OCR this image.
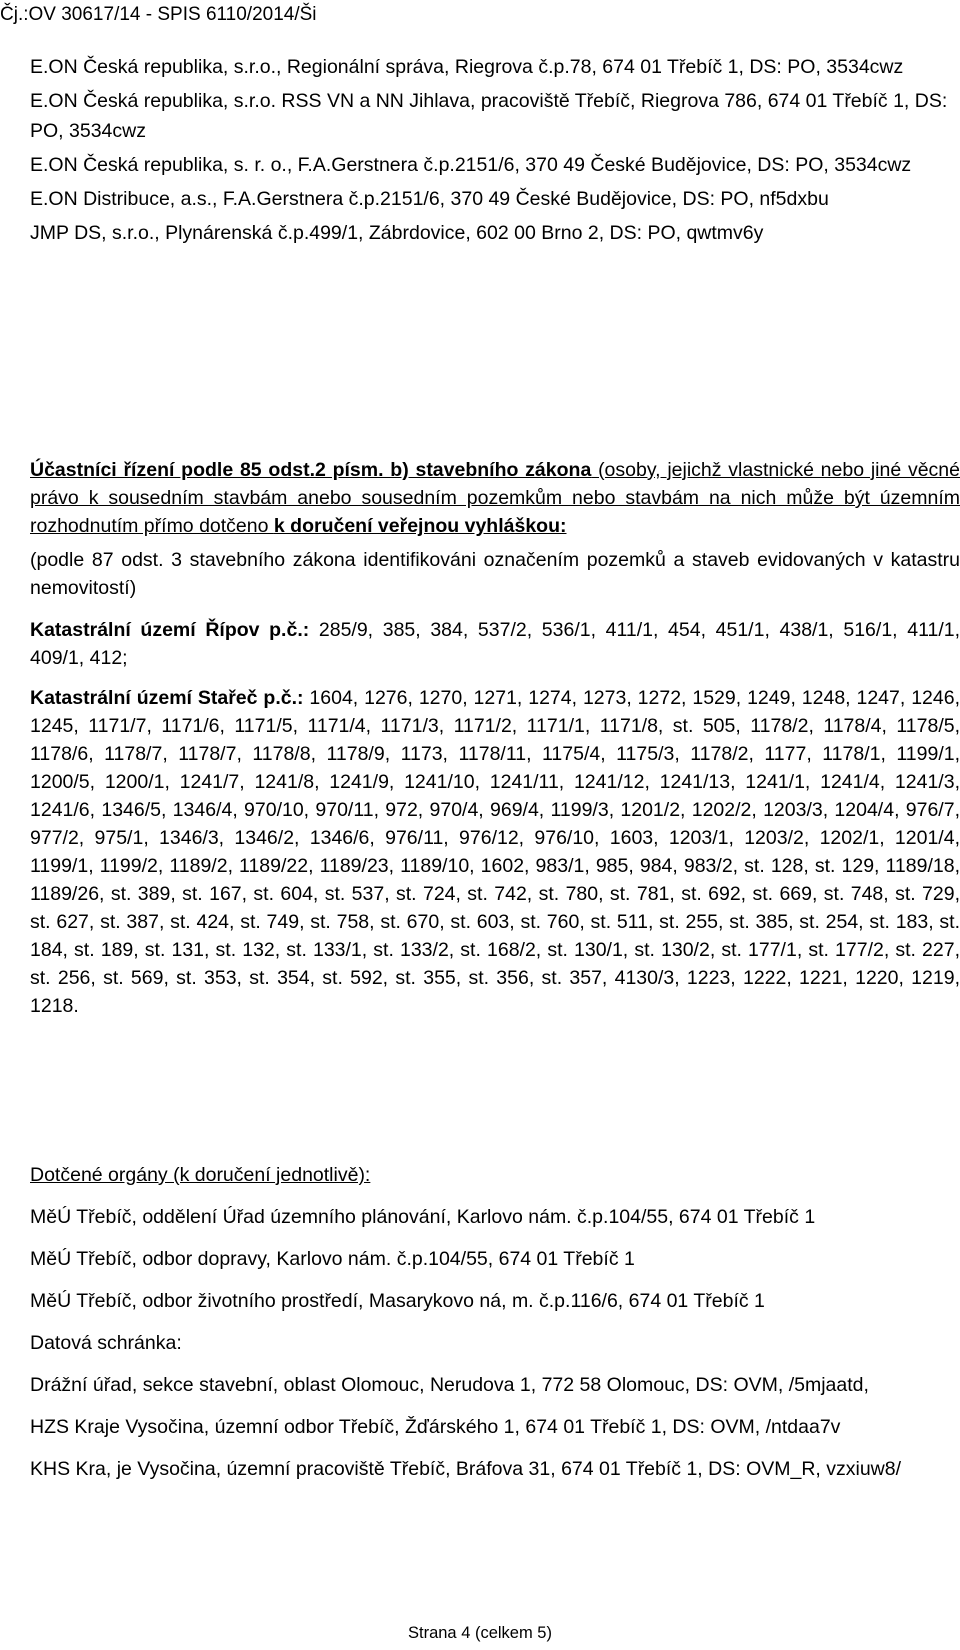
Čj.:OV 30617/14 - SPIS 6110/2014/Ši

E.ON Česká republika, s.r.o., Regionální správa, Riegrova č.p.78, 674 01 Třebíč 1, DS: PO, 3534cwz

E.ON Česká republika, s.r.o. RSS VN a NN Jihlava, pracoviště Třebíč, Riegrova 786, 674 01 Třebíč 1, DS: PO, 3534cwz

E.ON Česká republika, s. r. o., F.A.Gerstnera č.p.2151/6, 370 49 České Budějovice, DS: PO, 3534cwz

E.ON Distribuce, a.s., F.A.Gerstnera č.p.2151/6, 370 49 České Budějovice, DS: PO, nf5dxbu

JMP DS, s.r.o., Plynárenská č.p.499/1, Zábrdovice, 602 00 Brno 2, DS: PO, qwtmv6y

Účastníci řízení podle 85 odst.2 písm. b) stavebního zákona (osoby, jejichž vlastnické nebo jiné věcné právo k sousedním stavbám anebo sousedním pozemkům nebo stavbám na nich může být územním rozhodnutím přímo dotčeno k doručení veřejnou vyhláškou:

(podle 87 odst. 3 stavebního zákona identifikováni označením pozemků a staveb evidovaných v katastru nemovitostí)

Katastrální území Řípov p.č.: 285/9, 385, 384, 537/2, 536/1, 411/1, 454, 451/1, 438/1, 516/1, 411/1, 409/1, 412;

Katastrální území Stařeč p.č.: 1604, 1276, 1270, 1271, 1274, 1273, 1272, 1529, 1249, 1248, 1247, 1246, 1245, 1171/7, 1171/6, 1171/5, 1171/4, 1171/3, 1171/2, 1171/1, 1171/8, st. 505, 1178/2, 1178/4, 1178/5, 1178/6, 1178/7, 1178/7, 1178/8, 1178/9, 1173, 1178/11, 1175/4, 1175/3, 1178/2, 1177, 1178/1, 1199/1, 1200/5, 1200/1, 1241/7, 1241/8, 1241/9, 1241/10, 1241/11, 1241/12, 1241/13, 1241/1, 1241/4, 1241/3, 1241/6, 1346/5, 1346/4, 970/10, 970/11, 972, 970/4, 969/4, 1199/3, 1201/2, 1202/2, 1203/3, 1204/4, 976/7, 977/2, 975/1, 1346/3, 1346/2, 1346/6, 976/11, 976/12, 976/10, 1603, 1203/1, 1203/2, 1202/1, 1201/4, 1199/1, 1199/2, 1189/2, 1189/22, 1189/23, 1189/10, 1602, 983/1, 985, 984, 983/2, st. 128, st. 129, 1189/18, 1189/26, st. 389, st. 167, st. 604, st. 537, st. 724, st. 742, st. 780, st. 781, st. 692, st. 669, st. 748, st. 729, st. 627, st. 387, st. 424, st. 749, st. 758, st. 670, st. 603, st. 760, st. 511, st. 255, st. 385, st. 254, st. 183, st. 184, st. 189, st. 131, st. 132, st. 133/1, st. 133/2, st. 168/2, st. 130/1, st. 130/2, st. 177/1, st. 177/2, st. 227, st. 256, st. 569, st. 353, st. 354, st. 592, st. 355, st. 356, st. 357, 4130/3, 1223, 1222, 1221, 1220, 1219, 1218.

Dotčené orgány (k doručení jednotlivě):

MěÚ Třebíč, oddělení Úřad územního plánování, Karlovo nám. č.p.104/55, 674 01 Třebíč 1

MěÚ Třebíč, odbor dopravy, Karlovo nám. č.p.104/55, 674 01 Třebíč 1

MěÚ Třebíč, odbor životního prostředí, Masarykovo ná, m. č.p.116/6, 674 01 Třebíč 1

Datová schránka:

Drážní úřad, sekce stavební, oblast Olomouc, Nerudova 1, 772 58 Olomouc, DS: OVM, /5mjaatd,

HZS Kraje Vysočina, územní odbor Třebíč, Žďárského 1, 674 01 Třebíč 1, DS: OVM, /ntdaa7v

KHS Kra, je Vysočina, územní pracoviště Třebíč, Bráfova 31, 674 01 Třebíč 1, DS: OVM_R, vzxiuw8/

Strana 4 (celkem 5)
